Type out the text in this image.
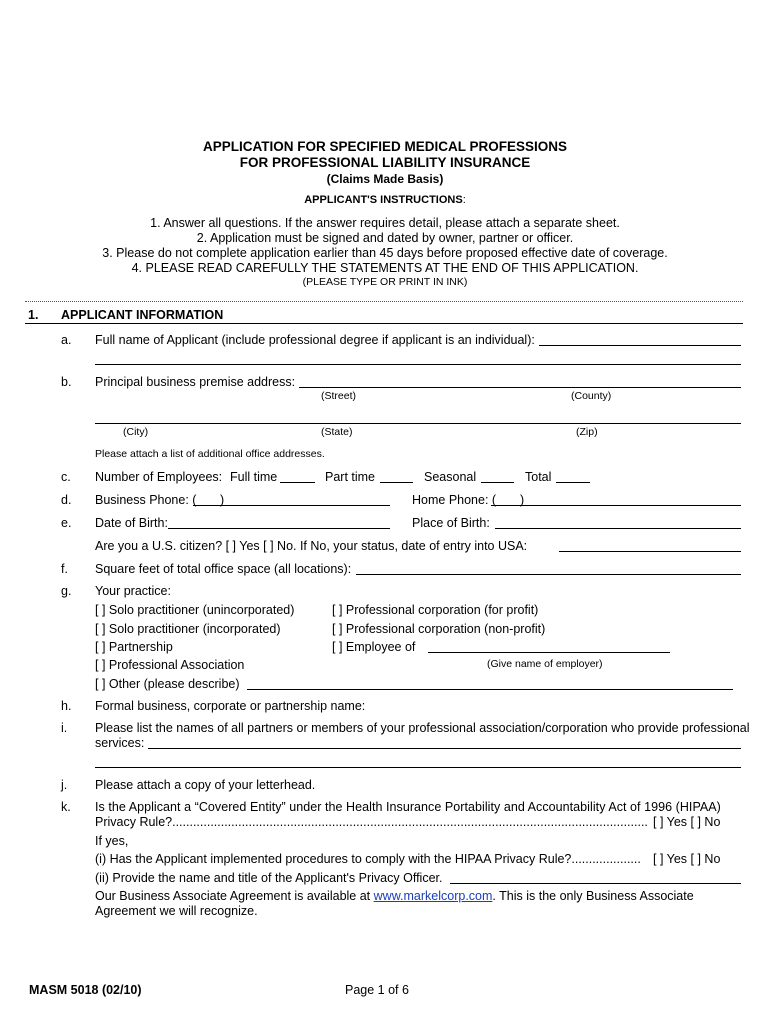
APPLICATION FOR SPECIFIED MEDICAL PROFESSIONS
FOR PROFESSIONAL LIABILITY INSURANCE
(Claims Made Basis)
APPLICANT'S INSTRUCTIONS:
1. Answer all questions. If the answer requires detail, please attach a separate sheet.
2. Application must be signed and dated by owner, partner or officer.
3. Please do not complete application earlier than 45 days before proposed effective date of coverage.
4. PLEASE READ CAREFULLY THE STATEMENTS AT THE END OF THIS APPLICATION.
(PLEASE TYPE OR PRINT IN INK)
1. APPLICANT INFORMATION
a. Full name of Applicant (include professional degree if applicant is an individual):
b. Principal business premise address:
(Street)	(County)
(City)	(State)	(Zip)
Please attach a list of additional office addresses.
c. Number of Employees: Full time	Part time	Seasonal	Total
d. Business Phone: ( )	Home Phone: ( )
e. Date of Birth:	Place of Birth:
Are you a U.S. citizen? [ ] Yes [ ] No. If No, your status, date of entry into USA:
f. Square feet of total office space (all locations):
g. Your practice:
[ ] Solo practitioner (unincorporated)
[ ] Solo practitioner (incorporated)
[ ] Partnership
[ ] Professional Association
[ ] Professional corporation (for profit)
[ ] Professional corporation (non-profit)
[ ] Employee of
(Give name of employer)
[ ] Other (please describe)
h. Formal business, corporate or partnership name:
i. Please list the names of all partners or members of your professional association/corporation who provide professional
services:
j. Please attach a copy of your letterhead.
k. Is the Applicant a “Covered Entity” under the Health Insurance Portability and Accountability Act of 1996 (HIPAA)
Privacy Rule?......................................................................................................................................... [ ] Yes [ ] No
If yes,
(i) Has the Applicant implemented procedures to comply with the HIPAA Privacy Rule?.................... [ ] Yes [ ] No
(ii) Provide the name and title of the Applicant's Privacy Officer.
Our Business Associate Agreement is available at www.markelcorp.com. This is the only Business Associate
Agreement we will recognize.
MASM 5018 (02/10)	Page 1 of 6
